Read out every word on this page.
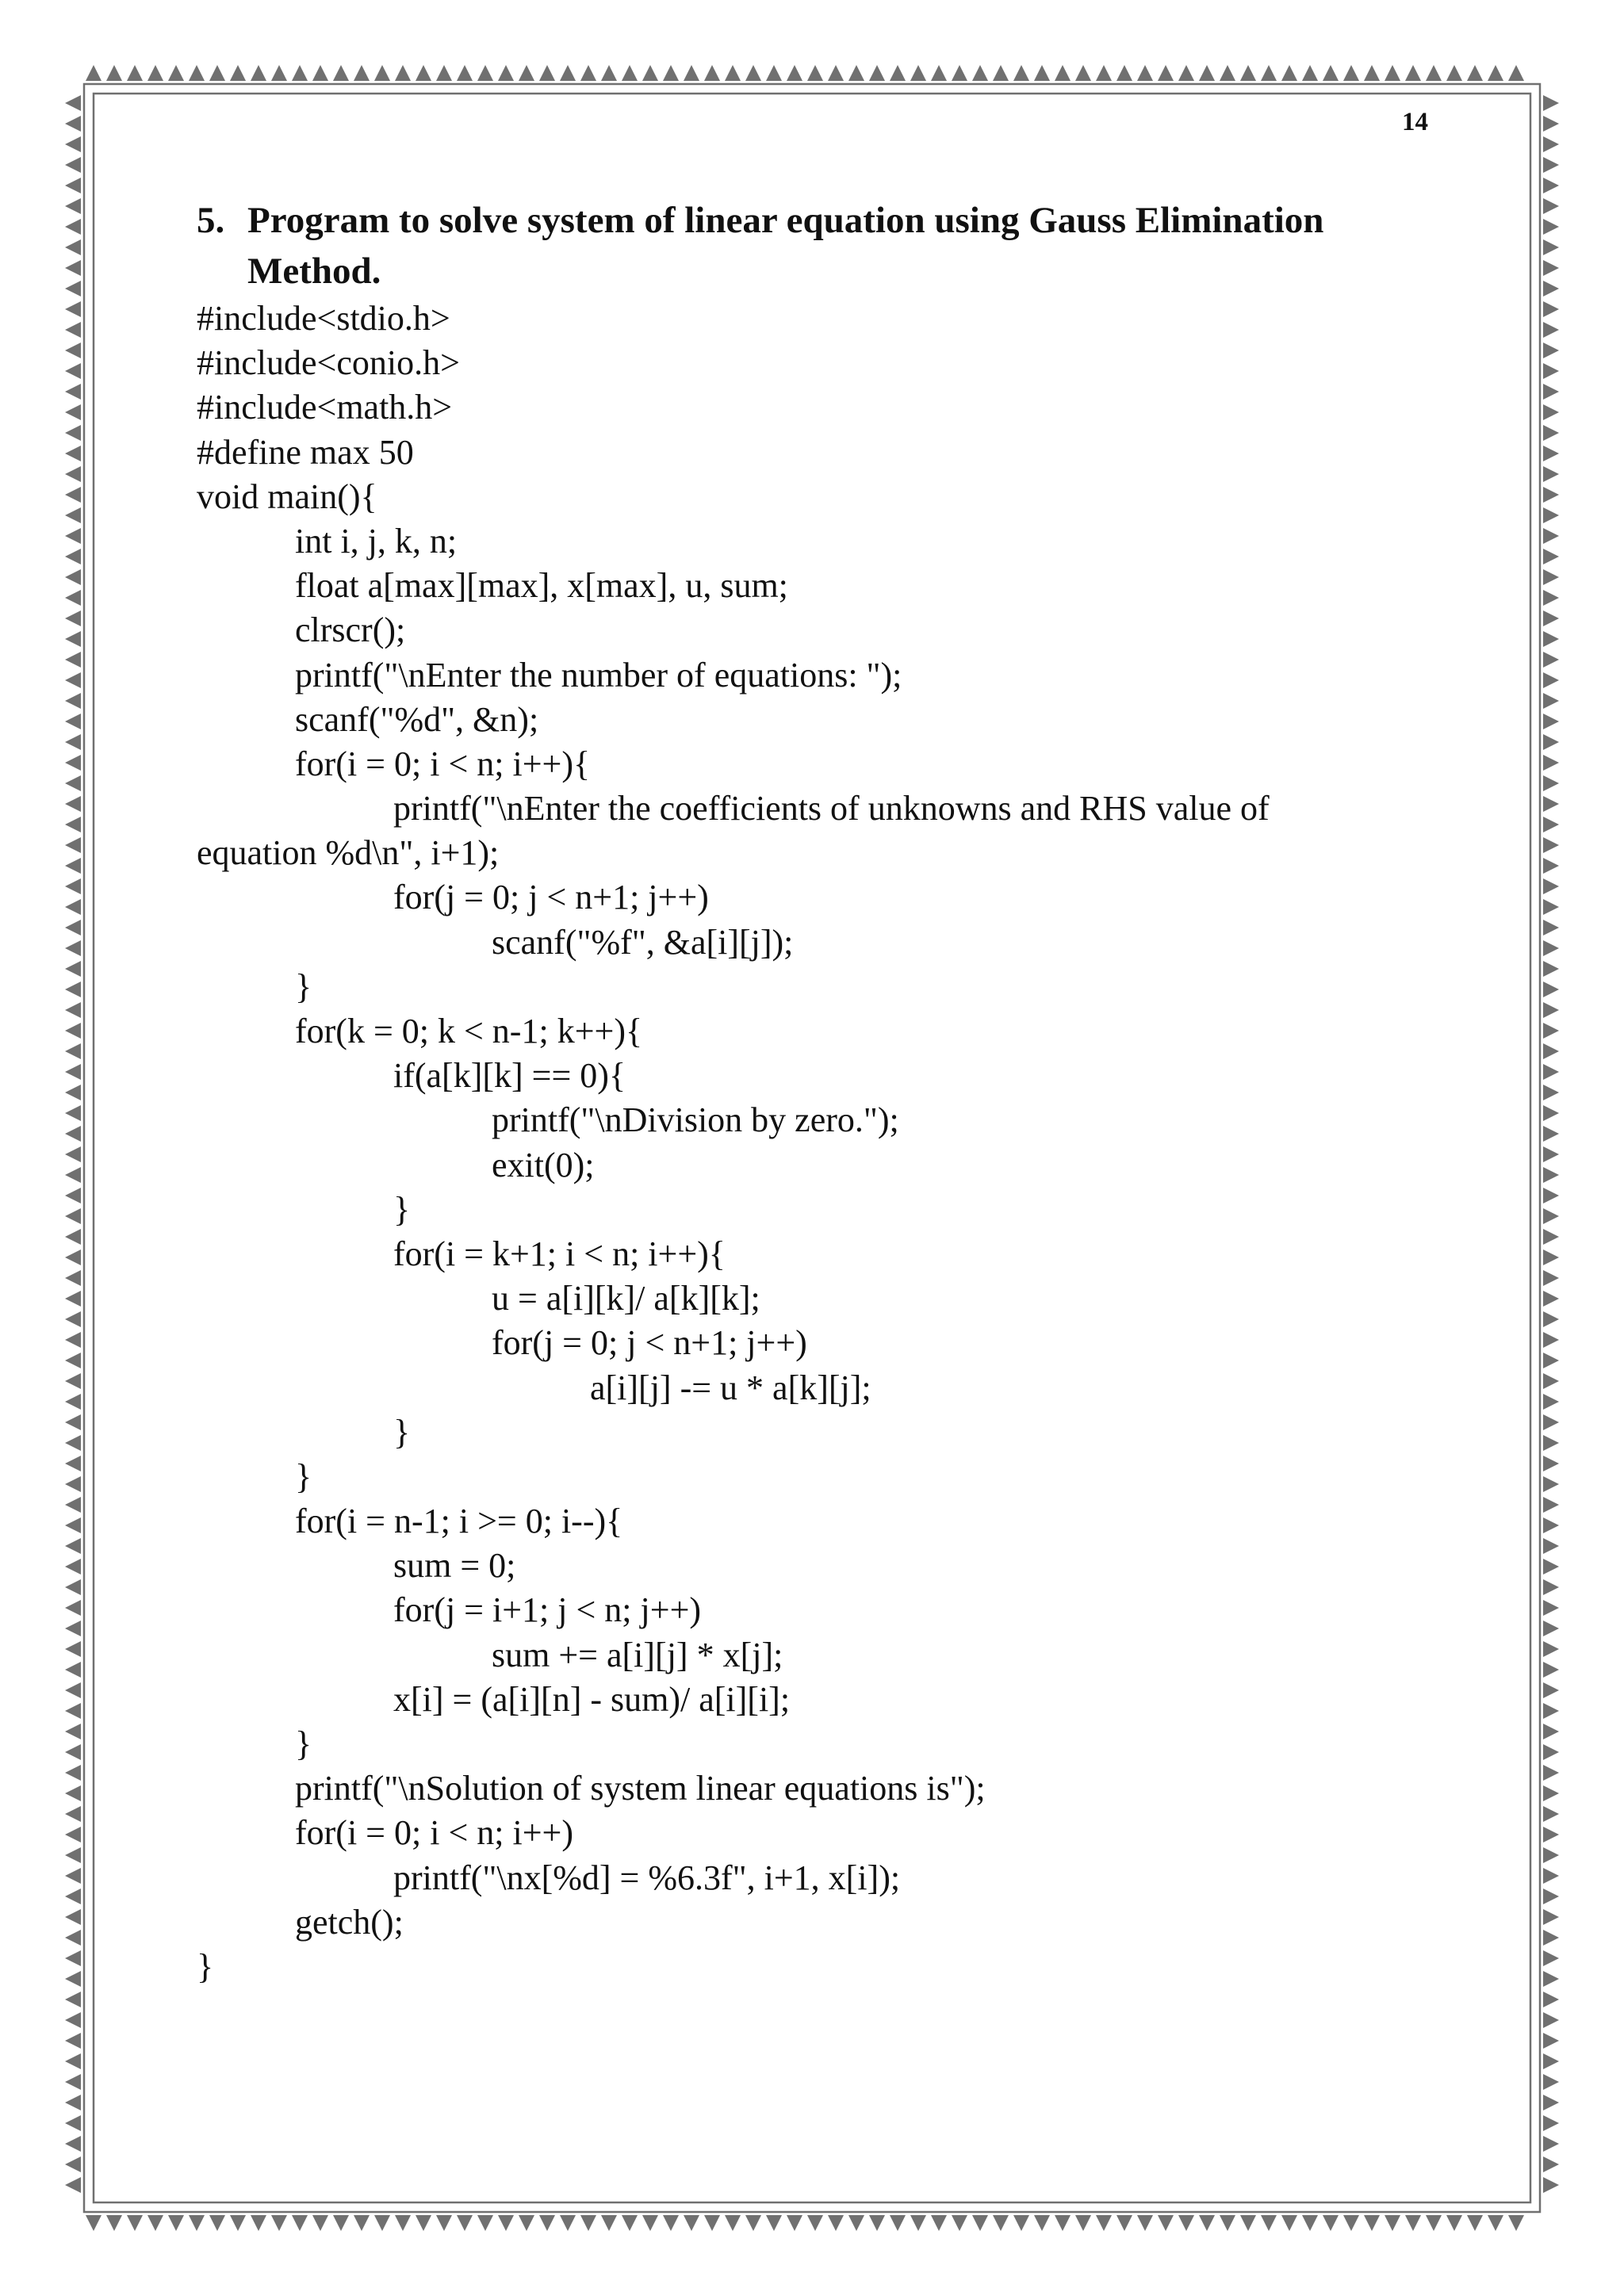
14
5. Program to solve system of linear equation using Gauss Elimination Method.
#include<stdio.h>
#include<conio.h>
#include<math.h>
#define max 50
void main(){
int i, j, k, n;
float a[max][max], x[max], u, sum;
clrscr();
printf("\nEnter the number of equations: ");
scanf("%d", &n);
for(i = 0; i < n; i++){
printf("\nEnter the coefficients of unknowns and RHS value of
equation %d\n", i+1);
for(j = 0; j < n+1; j++)
scanf("%f", &a[i][j]);
}
for(k = 0; k < n-1; k++){
if(a[k][k] == 0){
printf("\nDivision by zero.");
exit(0);
}
for(i = k+1; i < n; i++){
u = a[i][k]/ a[k][k];
for(j = 0; j < n+1; j++)
a[i][j] -= u * a[k][j];
}
}
for(i = n-1; i >= 0; i--){
sum = 0;
for(j = i+1; j < n; j++)
sum += a[i][j] * x[j];
x[i] = (a[i][n] - sum)/ a[i][i];
}
printf("\nSolution of system linear equations is");
for(i = 0; i < n; i++)
printf("\nx[%d] = %6.3f", i+1, x[i]);
getch();
}
